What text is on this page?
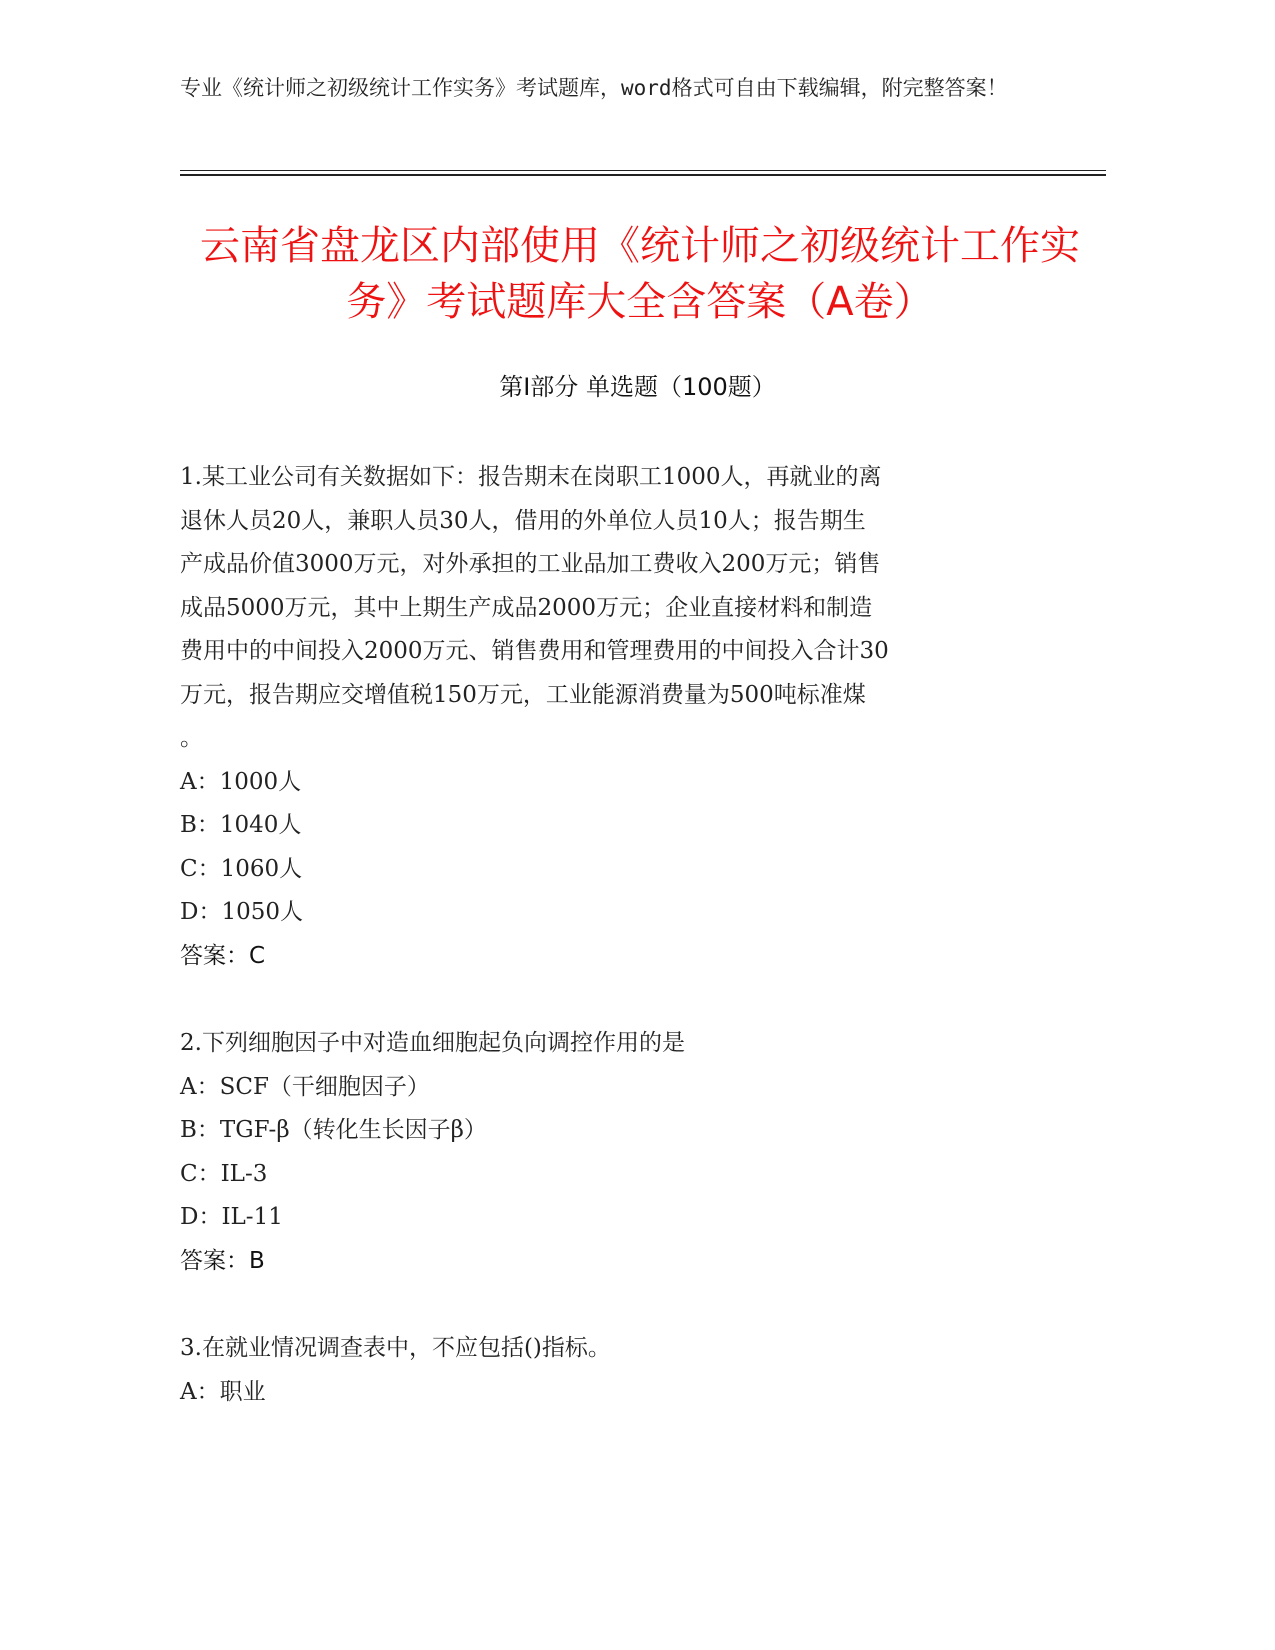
专业《统计师之初级统计工作实务》考试题库，word格式可自由下载编辑，附完整答案！
云南省盘龙区内部使用《统计师之初级统计工作实务》考试题库大全含答案（A卷）
第Ⅰ部分 单选题（100题）
1.某工业公司有关数据如下：报告期末在岗职工1000人，再就业的离
退休人员20人，兼职人员30人，借用的外单位人员10人；报告期生
产成品价值3000万元，对外承担的工业品加工费收入200万元；销售
成品5000万元，其中上期生产成品2000万元；企业直接材料和制造
费用中的中间投入2000万元、销售费用和管理费用的中间投入合计30
万元，报告期应交增值税150万元，工业能源消费量为500吨标准煤
。
A：1000人
B：1040人
C：1060人
D：1050人
答案：C
2.下列细胞因子中对造血细胞起负向调控作用的是
A：SCF（干细胞因子）
B：TGF-β（转化生长因子β）
C：IL-3
D：IL-11
答案：B
3.在就业情况调查表中，不应包括()指标。
A：职业
